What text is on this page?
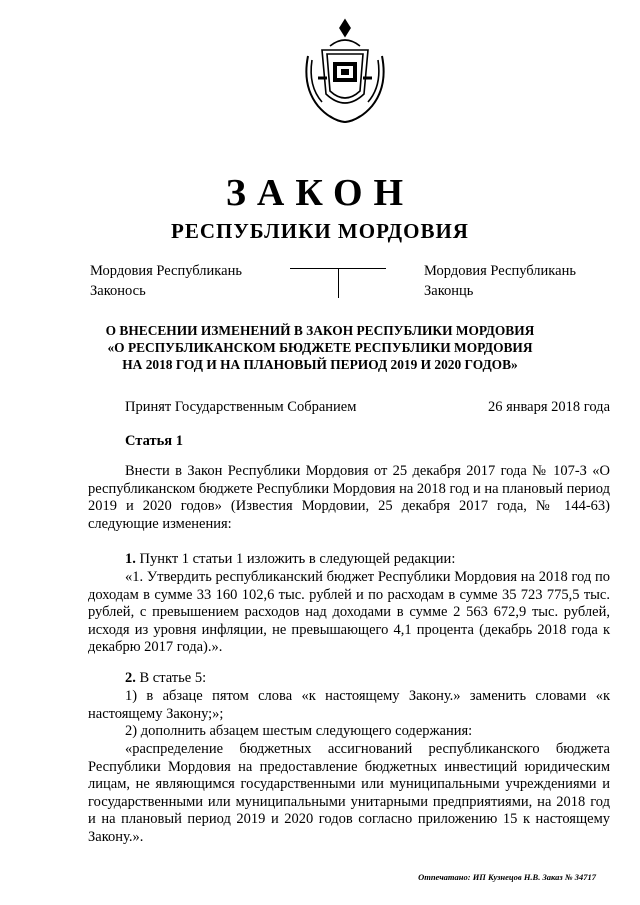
ЗАКОН
РЕСПУБЛИКИ МОРДОВИЯ
Мордовия Республикань
Законось
Мордовия Республикань
Законць
О ВНЕСЕНИИ ИЗМЕНЕНИЙ В ЗАКОН РЕСПУБЛИКИ МОРДОВИЯ
«О РЕСПУБЛИКАНСКОМ БЮДЖЕТЕ РЕСПУБЛИКИ МОРДОВИЯ
НА 2018 ГОД И НА ПЛАНОВЫЙ ПЕРИОД 2019 И 2020 ГОДОВ»
Принят Государственным Собранием	26 января 2018 года
Статья 1

Внести в Закон Республики Мордовия от 25 декабря 2017 года № 107-З «О республиканском бюджете Республики Мордовия на 2018 год и на плановый период 2019 и 2020 годов» (Известия Мордовии, 25 декабря 2017 года, № 144-63) следующие изменения:

1. Пункт 1 статьи 1 изложить в следующей редакции:

«1. Утвердить республиканский бюджет Республики Мордовия на 2018 год по доходам в сумме 33 160 102,6 тыс. рублей и по расходам в сумме 35 723 775,5 тыс. рублей, с превышением расходов над доходами в сумме 2 563 672,9 тыс. рублей, исходя из уровня инфляции, не превышающего 4,1 процента (декабрь 2018 года к декабрю 2017 года).».

2. В статье 5:

1) в абзаце пятом слова «к настоящему Закону.» заменить словами «к настоящему Закону;»;

2) дополнить абзацем шестым следующего содержания:

«распределение бюджетных ассигнований республиканского бюджета Республики Мордовия на предоставление бюджетных инвестиций юридическим лицам, не являющимся государственными или муниципальными учреждениями и государственными или муниципальными унитарными предприятиями, на 2018 год и на плановый период 2019 и 2020 годов согласно приложению 15 к настоящему Закону.».

Отпечатано: ИП Кузнецов Н.В. Заказ № 34717
